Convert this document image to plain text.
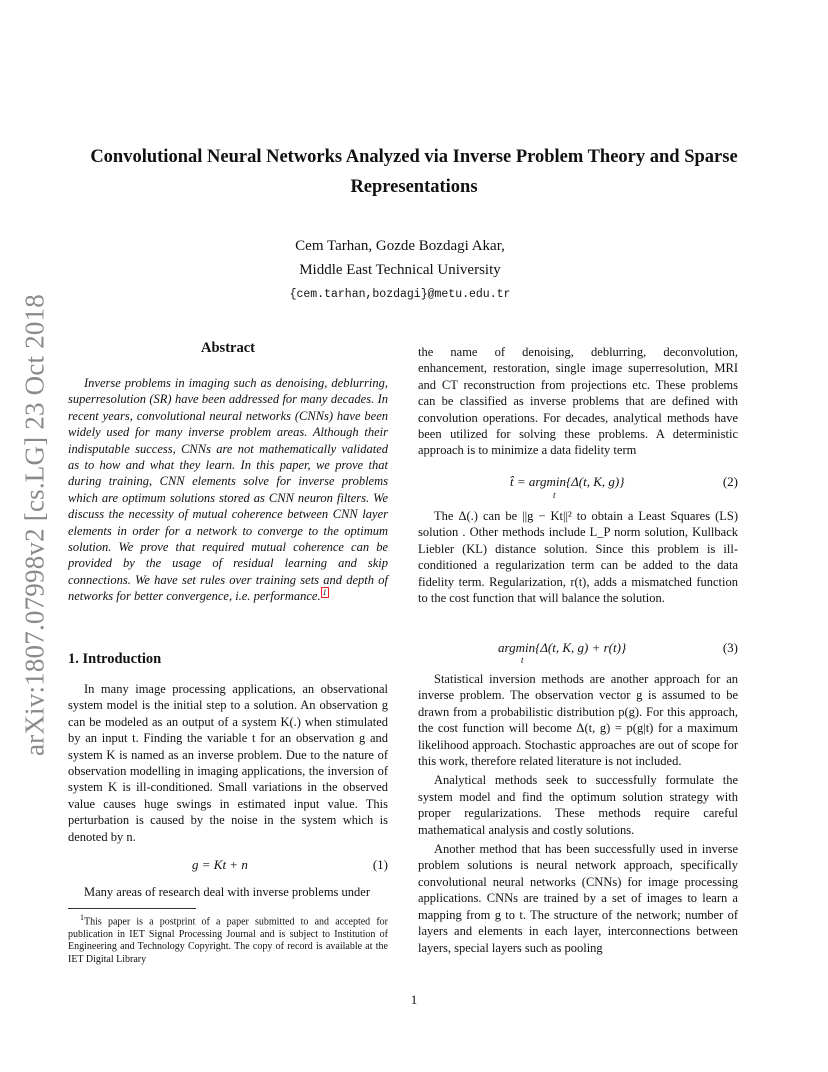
arXiv:1807.07998v2 [cs.LG] 23 Oct 2018
Convolutional Neural Networks Analyzed via Inverse Problem Theory and Sparse Representations
Cem Tarhan, Gozde Bozdagi Akar,
Middle East Technical University
{cem.tarhan,bozdagi}@metu.edu.tr
Abstract
Inverse problems in imaging such as denoising, deblurring, superresolution (SR) have been addressed for many decades. In recent years, convolutional neural networks (CNNs) have been widely used for many inverse problem areas. Although their indisputable success, CNNs are not mathematically validated as to how and what they learn. In this paper, we prove that during training, CNN elements solve for inverse problems which are optimum solutions stored as CNN neuron filters. We discuss the necessity of mutual coherence between CNN layer elements in order for a network to converge to the optimum solution. We prove that required mutual coherence can be provided by the usage of residual learning and skip connections. We have set rules over training sets and depth of networks for better convergence, i.e. performance. $^1$
1. Introduction

In many image processing applications, an observational system model is the initial step to a solution. An observation g can be modeled as an output of a system K(.) when stimulated by an input t. Finding the variable t for an observation g and system K is named as an inverse problem. Due to the nature of observation modelling in imaging applications, the inversion of system K is ill-conditioned. Small variations in the observed value causes huge swings in estimated input value. This perturbation is caused by the noise in the system which is denoted by n.

g = Kt + n	(1)

Many areas of research deal with inverse problems under

$^1$This paper is a postprint of a paper submitted to and accepted for publication in IET Signal Processing Journal and is subject to Institution of Engineering and Technology Copyright. The copy of record is available at the IET Digital Library

the name of denoising, deblurring, deconvolution, enhancement, restoration, single image superresolution, MRI and CT reconstruction from projections etc. These problems can be classified as inverse problems that are defined with convolution operations. For decades, analytical methods have been utilized for solving these problems. A deterministic approach is to minimize a data fidelity term

t̂ = argmin{Δ(t, K, g)}
t
(2)

The Δ(.) can be ||g − Kt||² to obtain a Least Squares (LS) solution . Other methods include L_P norm solution, Kullback Liebler (KL) distance solution. Since this problem is ill-conditioned a regularization term can be added to the data fidelity term. Regularization, r(t), adds a mismatched function to the cost function that will balance the solution.

argmin{Δ(t, K, g) + r(t)}
t
(3)

Statistical inversion methods are another approach for an inverse problem. The observation vector g is assumed to be drawn from a probabilistic distribution p(g). For this approach, the cost function will become Δ(t, g) = p(g|t) for a maximum likelihood approach. Stochastic approaches are out of scope for this work, therefore related literature is not included.

Analytical methods seek to successfully formulate the system model and find the optimum solution strategy with proper regularizations. These methods require careful mathematical analysis and costly solutions.

Another method that has been successfully used in inverse problem solutions is neural network approach, specifically convolutional neural networks (CNNs) for image processing applications. CNNs are trained by a set of images to learn a mapping from g to t. The structure of the network; number of layers and elements in each layer, interconnections between layers, special layers such as pooling

1
